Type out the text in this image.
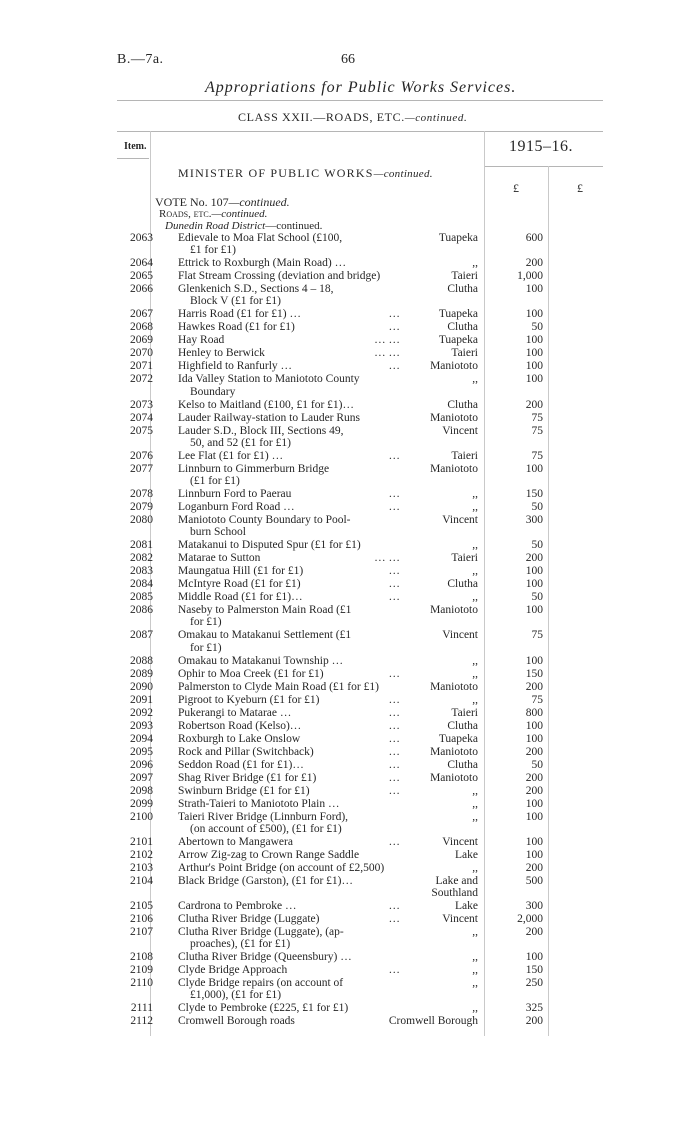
B.—7a.	66
Appropriations for Public Works Services.
CLASS XXII.—ROADS, ETC.—continued.
Item.	1915–16.
£	£
MINISTER OF PUBLIC WORKS—continued.
VOTE No. 107—continued.
Roads, etc.—continued.
Dunedin Road District—continued.
2063 Edievale to Moa Flat School (£100,
£1 for £1)
Tuapeka	600
2064 Ettrick to Roxburgh (Main Road) …	,,	200
2065 Flat Stream Crossing (deviation and bridge)	Taieri	1,000
2066 Glenkenich S.D., Sections 4 – 18,
Block V (£1 for £1)
Clutha	100
2067 Harris Road (£1 for £1) …	…	Tuapeka	100
2068 Hawkes Road (£1 for £1)	…	Clutha	50
2069 Hay Road	… …	Tuapeka	100
2070 Henley to Berwick	… …	Taieri	100
2071 Highfield to Ranfurly …	…	Maniototo	100
2072 Ida Valley Station to Maniototo County
Boundary
,,	100
2073 Kelso to Maitland (£100, £1 for £1)…	Clutha	200
2074 Lauder Railway-station to Lauder Runs	Maniototo	75
2075 Lauder S.D., Block III, Sections 49,
50, and 52 (£1 for £1)
Vincent	75
2076 Lee Flat (£1 for £1) …	…	Taieri	75
2077 Linnburn to Gimmerburn Bridge
(£1 for £1)
Maniototo	100
2078 Linnburn Ford to Paerau	…	,,	150
2079 Loganburn Ford Road …	…	,,	50
2080 Maniototo County Boundary to Pool-
burn School
Vincent	300
2081 Matakanui to Disputed Spur (£1 for £1)	,,	50
2082 Matarae to Sutton	… …	Taieri	200
2083 Maungatua Hill (£1 for £1)	…	,,	100
2084 McIntyre Road (£1 for £1)	…	Clutha	100
2085 Middle Road (£1 for £1)…	…	,,	50
2086 Naseby to Palmerston Main Road (£1
for £1)
Maniototo	100
2087 Omakau to Matakanui Settlement (£1
for £1)
Vincent	75
2088 Omakau to Matakanui Township …	,,	100
2089 Ophir to Moa Creek (£1 for £1)	…	,,	150
2090 Palmerston to Clyde Main Road (£1 for £1)	Maniototo	200
2091 Pigroot to Kyeburn (£1 for £1)	…	,,	75
2092 Pukerangi to Matarae …	…	Taieri	800
2093 Robertson Road (Kelso)…	…	Clutha	100
2094 Roxburgh to Lake Onslow	…	Tuapeka	100
2095 Rock and Pillar (Switchback)	…	Maniototo	200
2096 Seddon Road (£1 for £1)…	…	Clutha	50
2097 Shag River Bridge (£1 for £1)	…	Maniototo	200
2098 Swinburn Bridge (£1 for £1)	…	,,	200
2099 Strath-Taieri to Maniototo Plain …	,,	100
2100 Taieri River Bridge (Linnburn Ford),
(on account of £500), (£1 for £1)
,,	100
2101 Abertown to Mangawera	…	Vincent	100
2102 Arrow Zig-zag to Crown Range Saddle	Lake	100
2103 Arthur's Point Bridge (on account of £2,500)	,,	200
2104 Black Bridge (Garston), (£1 for £1)…	Lake and
Southland
500
2105 Cardrona to Pembroke …	…	Lake	300
2106 Clutha River Bridge (Luggate)	…	Vincent	2,000
2107 Clutha River Bridge (Luggate), (ap-
proaches), (£1 for £1)
,,	200
2108 Clutha River Bridge (Queensbury) …	,,	100
2109 Clyde Bridge Approach	…	,,	150
2110 Clyde Bridge repairs (on account of
£1,000), (£1 for £1)
,,	250
2111 Clyde to Pembroke (£225, £1 for £1)	,,	325
2112 Cromwell Borough roads	Cromwell Borough	200
